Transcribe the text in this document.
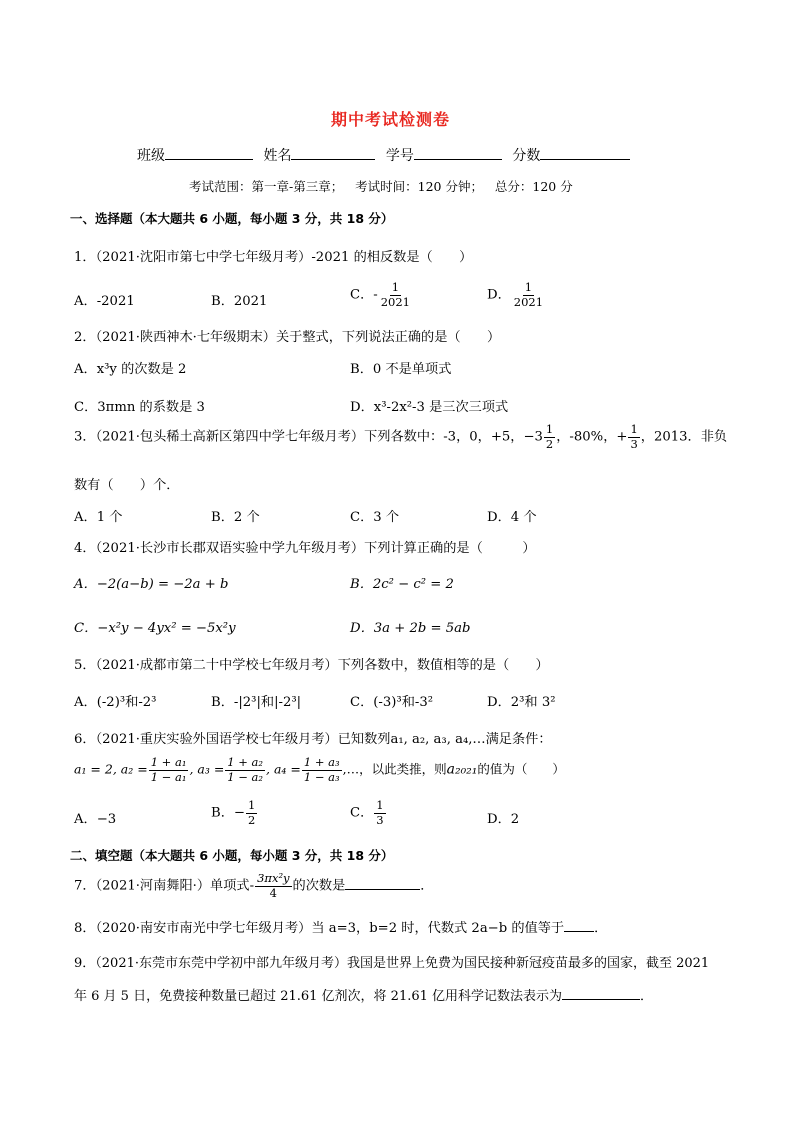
期中考试检测卷
班级	姓名	学号	分数
考试范围：第一章-第三章；   考试时间：120 分钟；   总分：120 分
一、选择题（本大题共 6 小题，每小题 3 分，共 18 分）
1．（2021·沈阳市第七中学七年级月考）-2021 的相反数是（　　）
A．-2021	B．2021	C．- $\frac{1}{2021}$	D． $\frac{1}{2021}$
2．（2021·陕西神木·七年级期末）关于整式，下列说法正确的是（　　）
A．x³y 的次数是 2	B．0 不是单项式
C．3πmn 的系数是 3	D．x³-2x²-3 是三次三项式
3．（2021·包头稀土高新区第四中学七年级月考）下列各数中：-3，0，+5，$-3 \frac{1}{2}$ ，-80%，+ $\frac{1}{3}$ ，2013．非负
数有（　　）个．
A．1 个	B．2 个	C．3 个	D．4 个
4．（2021·长沙市长郡双语实验中学九年级月考）下列计算正确的是（　　　）
A．−2(a−b) = −2a + b	B．2c² − c² = 2
C．−x²y − 4yx² = −5x²y	D．3a + 2b = 5ab
5．（2021·成都市第二十中学校七年级月考）下列各数中，数值相等的是（　　）
A．(-2)³和-2³	B．-|2³|和|-2³|	C．(-3)³和-3²	D．2³和 3²
6．（2021·重庆实验外国语学校七年级月考）已知数列a₁, a₂, a₃, a₄,…满足条件：
a₁ = 2, $a_2 = \frac{\text{1 + a₁}}{\text{1 − a₁}}$ , $a_3 = \frac{\text{1 + a₂}}{\text{1 − a₂}}$ , $a_4 = \frac{\text{1 + a₃}}{\text{1 − a₃}}$ ,…，以此类推，则a₂₀₂₁的值为（　　）
A．−3	B．− $\frac{1}{2}$	C． $\frac{1}{3}$	D．2
二、填空题（本大题共 6 小题，每小题 3 分，共 18 分）
7．（2021·河南舞阳·）单项式- $\frac{\text{3πx²y}}{4}$ 的次数是	．
8．（2020·南安市南光中学七年级月考）当 a=3，b=2 时，代数式 2a−b 的值等于 ．
9．（2021·东莞市东莞中学初中部九年级月考）我国是世界上免费为国民接种新冠疫苗最多的国家，截至 2021
年 6 月 5 日，免费接种数量已超过 21.61 亿剂次，将 21.61 亿用科学记数法表示为	．
